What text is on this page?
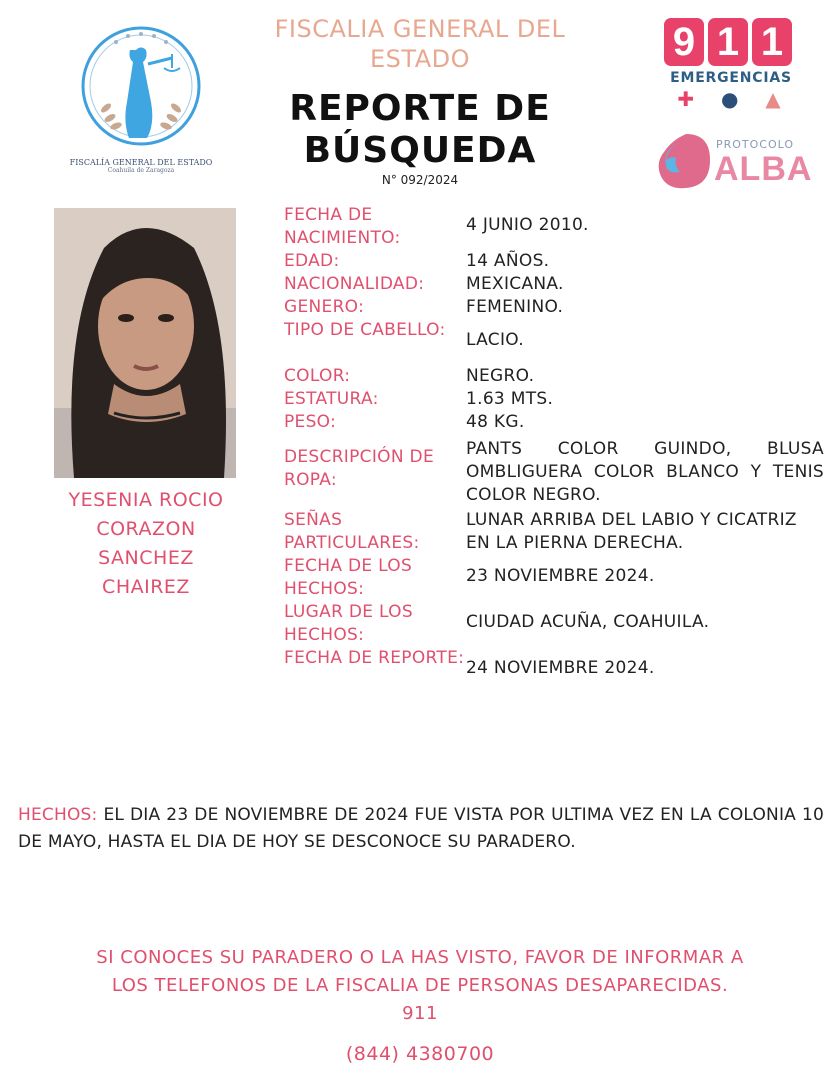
FISCALÍA GENERAL DEL ESTADO
Coahuila de Zaragoza
FISCALIA GENERAL DEL ESTADO
REPORTE DE
BÚSQUEDA
N° 092/2024
9 1 1
EMERGENCIAS
✚ ● ▲
PROTOCOLO
ALBA
YESENIA ROCIO
CORAZON
SANCHEZ
CHAIREZ
FECHA DE NACIMIENTO:
4 JUNIO 2010.
EDAD:	14 AÑOS.
NACIONALIDAD:	MEXICANA.
GENERO:	FEMENINO.
TIPO DE CABELLO:	LACIO.
COLOR:	NEGRO.
ESTATURA:	1.63 MTS.
PESO:	48 KG.
DESCRIPCIÓN DE ROPA:
PANTS COLOR GUINDO, BLUSA OMBLIGUERA COLOR BLANCO Y TENIS COLOR NEGRO.
SEÑAS PARTICULARES:
LUNAR ARRIBA DEL LABIO Y CICATRIZ EN LA PIERNA DERECHA.
FECHA DE LOS HECHOS:
23 NOVIEMBRE 2024.
LUGAR DE LOS HECHOS:
CIUDAD ACUÑA, COAHUILA.
FECHA DE REPORTE: 24 NOVIEMBRE 2024.
HECHOS: EL DIA 23 DE NOVIEMBRE DE 2024 FUE VISTA POR ULTIMA VEZ EN LA COLONIA 10 DE MAYO, HASTA EL DIA DE HOY SE DESCONOCE SU PARADERO.
SI CONOCES SU PARADERO O LA HAS VISTO, FAVOR DE INFORMAR A
LOS TELEFONOS DE LA FISCALIA DE PERSONAS DESAPARECIDAS.
911
(844) 4380700
